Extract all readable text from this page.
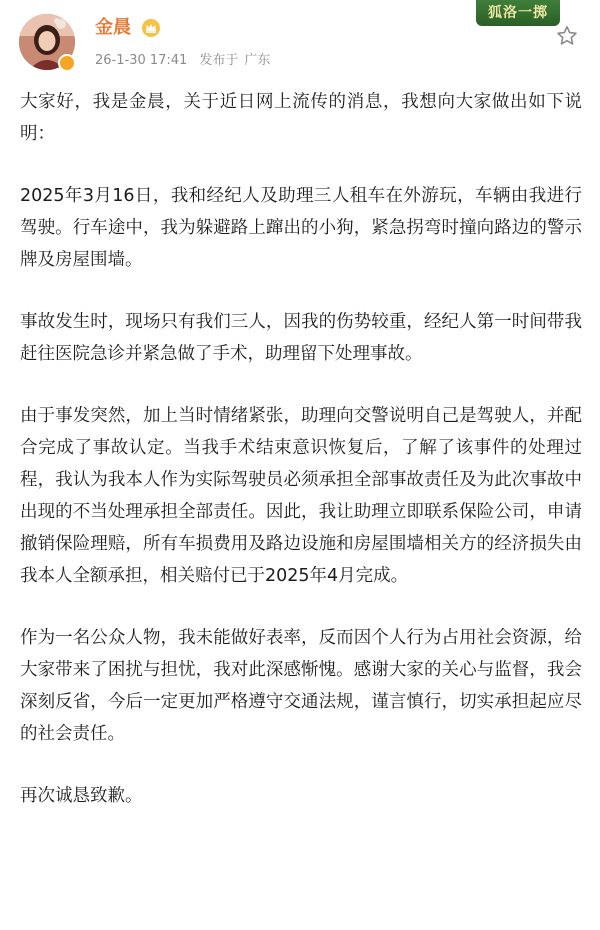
金晨
26-1-30 17:41 发布于 广东
狐洛一掷

大家好，我是金晨，关于近日网上流传的消息，我想向大家做出如下说明：

2025年3月16日，我和经纪人及助理三人租车在外游玩，车辆由我进行驾驶。行车途中，我为躲避路上蹿出的小狗，紧急拐弯时撞向路边的警示牌及房屋围墙。

事故发生时，现场只有我们三人，因我的伤势较重，经纪人第一时间带我赶往医院急诊并紧急做了手术，助理留下处理事故。

由于事发突然，加上当时情绪紧张，助理向交警说明自己是驾驶人，并配合完成了事故认定。当我手术结束意识恢复后，了解了该事件的处理过程，我认为我本人作为实际驾驶员必须承担全部事故责任及为此次事故中出现的不当处理承担全部责任。因此，我让助理立即联系保险公司，申请撤销保险理赔，所有车损费用及路边设施和房屋围墙相关方的经济损失由我本人全额承担，相关赔付已于2025年4月完成。

作为一名公众人物，我未能做好表率，反而因个人行为占用社会资源，给大家带来了困扰与担忧，我对此深感惭愧。感谢大家的关心与监督，我会深刻反省，今后一定更加严格遵守交通法规，谨言慎行，切实承担起应尽的社会责任。

再次诚恳致歉。
